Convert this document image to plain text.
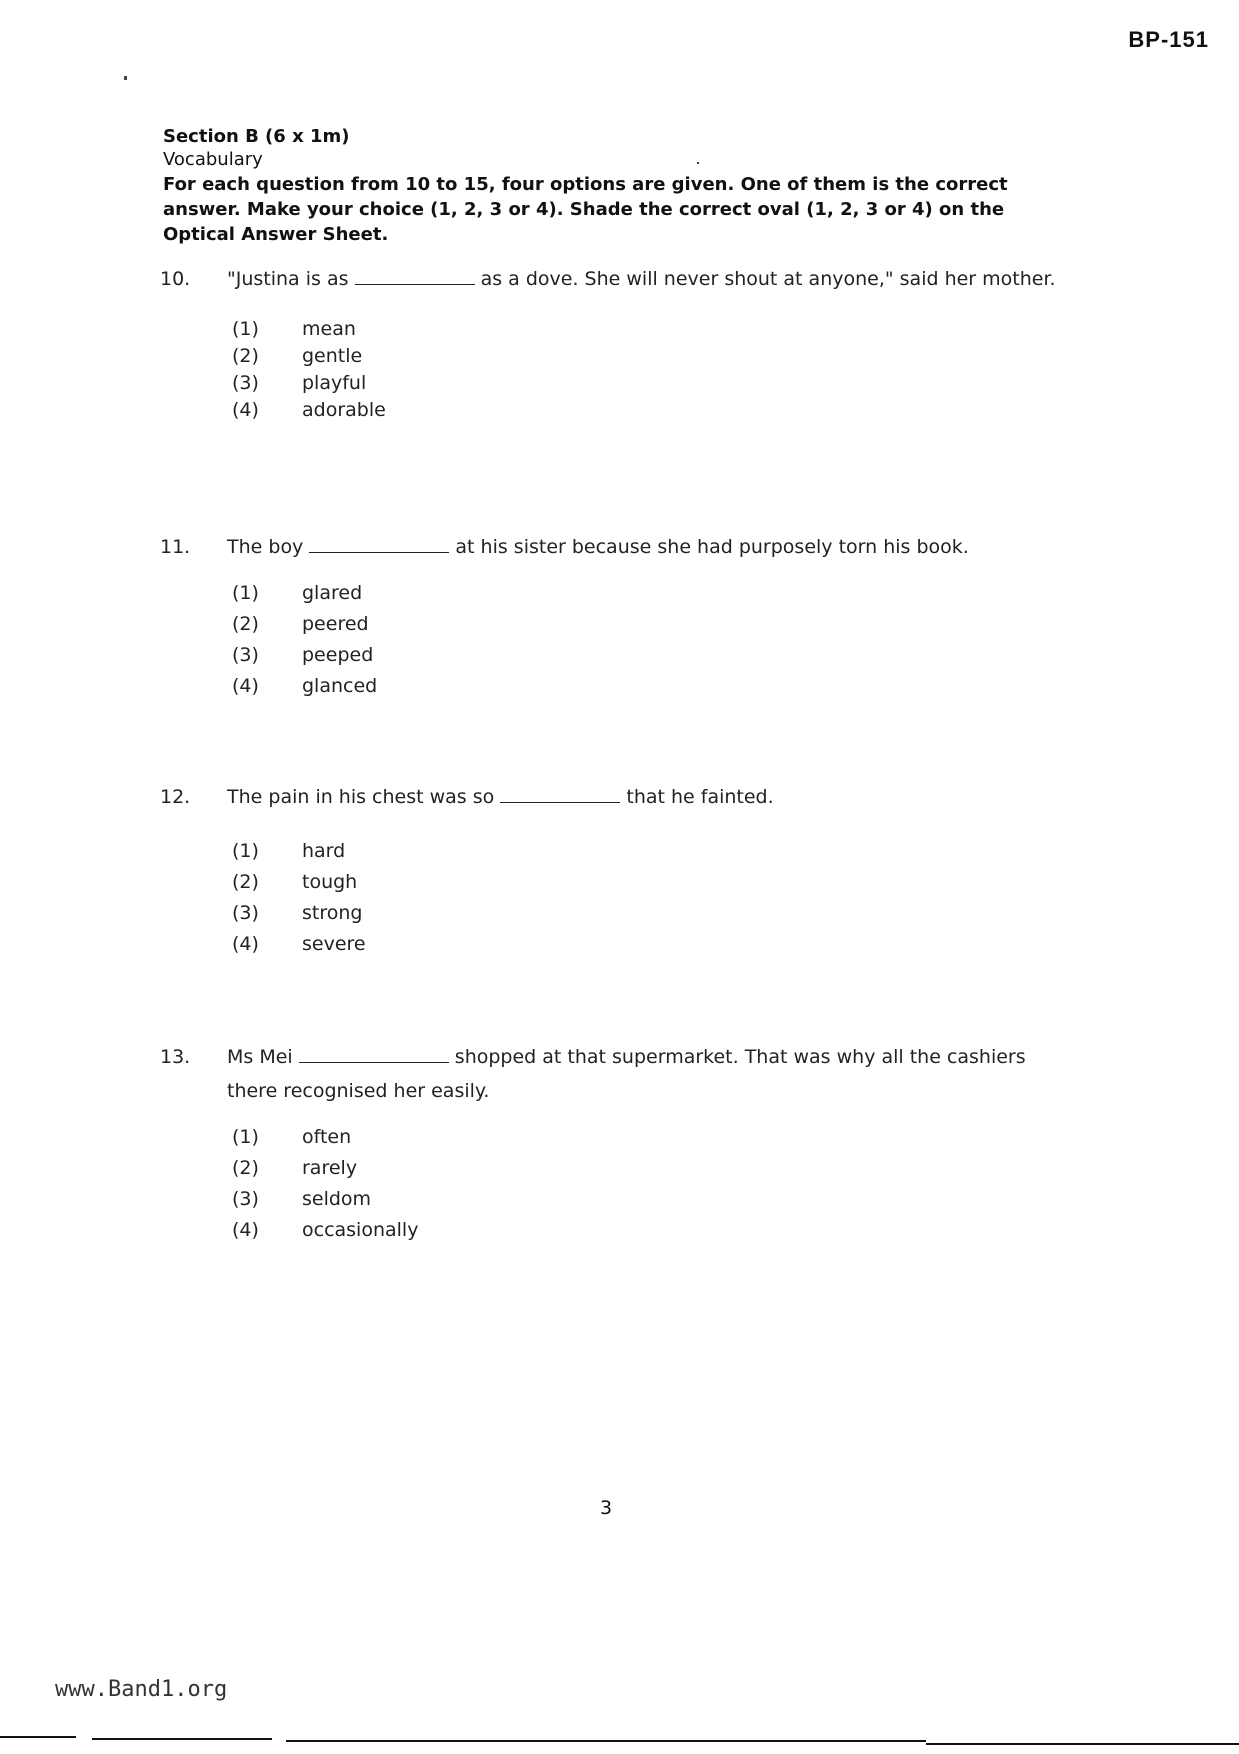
BP-151
Section B (6 x 1m)
Vocabulary
For each question from 10 to 15, four options are given. One of them is the correct answer. Make your choice (1, 2, 3 or 4). Shade the correct oval (1, 2, 3 or 4) on the Optical Answer Sheet.
10.	"Justina is as	as a dove. She will never shout at anyone," said her mother.
(1)	mean
(2)	gentle
(3)	playful
(4)	adorable
11.	The boy	at his sister because she had purposely torn his book.
(1)	glared
(2)	peered
(3)	peeped
(4)	glanced
12.	The pain in his chest was so	that he fainted.
(1)	hard
(2)	tough
(3)	strong
(4)	severe
13.	Ms Mei	shopped at that supermarket. That was why all the cashiers there recognised her easily.
(1)	often
(2)	rarely
(3)	seldom
(4)	occasionally
3
www.Band1.org
